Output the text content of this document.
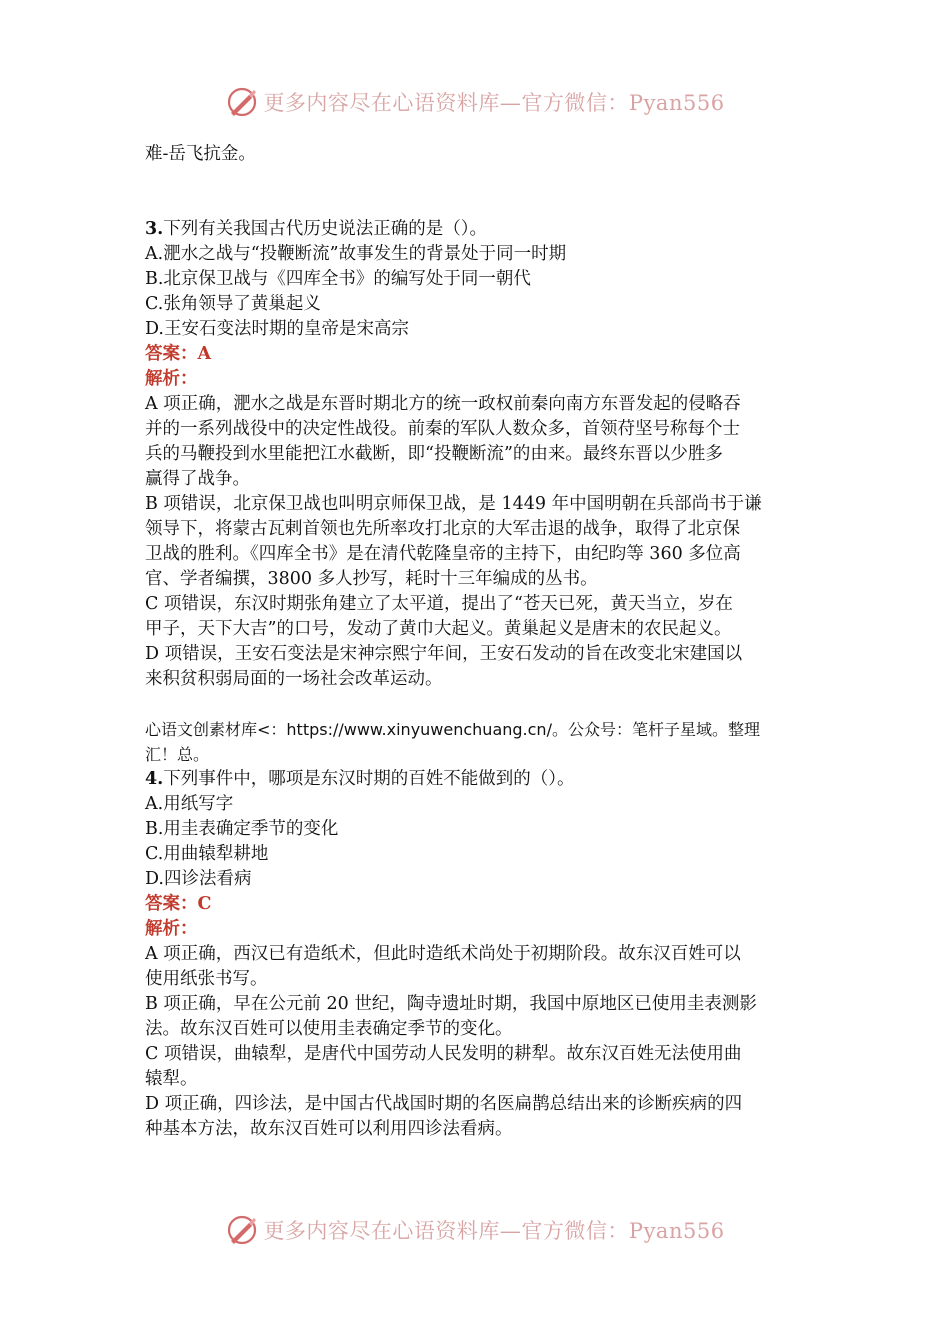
更多内容尽在心语资料库—官方微信：Pyan556
难-岳飞抗金。
3.下列有关我国古代历史说法正确的是（）。
A.淝水之战与“投鞭断流”故事发生的背景处于同一时期
B.北京保卫战与《四库全书》的编写处于同一朝代
C.张角领导了黄巢起义
D.王安石变法时期的皇帝是宋高宗
答案：A
解析：
A 项正确，淝水之战是东晋时期北方的统一政权前秦向南方东晋发起的侵略吞
并的一系列战役中的决定性战役。前秦的军队人数众多，首领苻坚号称每个士
兵的马鞭投到水里能把江水截断，即“投鞭断流”的由来。最终东晋以少胜多
赢得了战争。
B 项错误，北京保卫战也叫明京师保卫战，是 1449 年中国明朝在兵部尚书于谦
领导下，将蒙古瓦剌首领也先所率攻打北京的大军击退的战争，取得了北京保
卫战的胜利。《四库全书》是在清代乾隆皇帝的主持下，由纪昀等 360 多位高
官、学者编撰，3800 多人抄写，耗时十三年编成的丛书。
C 项错误，东汉时期张角建立了太平道，提出了“苍天已死，黄天当立，岁在
甲子，天下大吉”的口号，发动了黄巾大起义。黄巢起义是唐末的农民起义。
D 项错误，王安石变法是宋神宗熙宁年间，王安石发动的旨在改变北宋建国以
来积贫积弱局面的一场社会改革运动。
心语文创素材库<：https://www.xinyuwenchuang.cn/。公众号：笔杆子星域。整理
汇！总。
4.下列事件中，哪项是东汉时期的百姓不能做到的（）。
A.用纸写字
B.用圭表确定季节的变化
C.用曲辕犁耕地
D.四诊法看病
答案：C
解析：
A 项正确，西汉已有造纸术，但此时造纸术尚处于初期阶段。故东汉百姓可以
使用纸张书写。
B 项正确，早在公元前 20 世纪，陶寺遗址时期，我国中原地区已使用圭表测影
法。故东汉百姓可以使用圭表确定季节的变化。
C 项错误，曲辕犁，是唐代中国劳动人民发明的耕犁。故东汉百姓无法使用曲
辕犁。
D 项正确，四诊法，是中国古代战国时期的名医扁鹊总结出来的诊断疾病的四
种基本方法，故东汉百姓可以利用四诊法看病。
更多内容尽在心语资料库—官方微信：Pyan556
